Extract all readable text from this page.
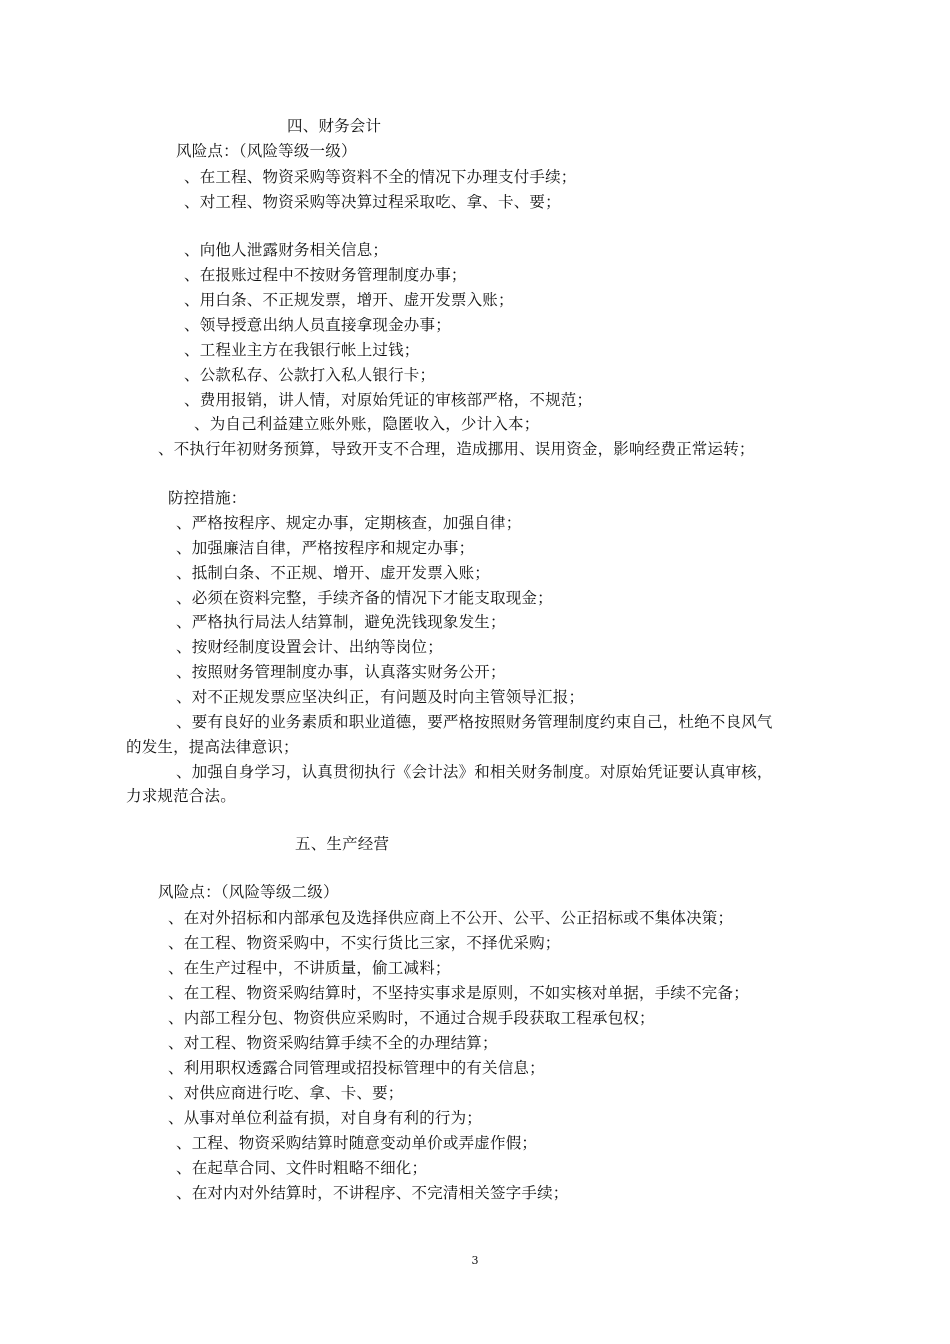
四、财务会计
风险点：（风险等级一级）
、在工程、物资采购等资料不全的情况下办理支付手续；
、对工程、物资采购等决算过程采取吃、拿、卡、要；
、向他人泄露财务相关信息；
、在报账过程中不按财务管理制度办事；
、用白条、不正规发票，增开、虚开发票入账；
、领导授意出纳人员直接拿现金办事；
、工程业主方在我银行帐上过钱；
、公款私存、公款打入私人银行卡；
、费用报销，讲人情，对原始凭证的审核部严格，不规范；
、为自己利益建立账外账，隐匿收入，少计入本；
、不执行年初财务预算，导致开支不合理，造成挪用、误用资金，影响经费正常运转；
防控措施：
、严格按程序、规定办事，定期核查，加强自律；
、加强廉洁自律，严格按程序和规定办事；
、抵制白条、不正规、增开、虚开发票入账；
、必须在资料完整，手续齐备的情况下才能支取现金；
、严格执行局法人结算制，避免洗钱现象发生；
、按财经制度设置会计、出纳等岗位；
、按照财务管理制度办事，认真落实财务公开；
、对不正规发票应坚决纠正，有问题及时向主管领导汇报；
、要有良好的业务素质和职业道德，要严格按照财务管理制度约束自己，杜绝不良风气
的发生，提高法律意识；
、加强自身学习，认真贯彻执行《会计法》和相关财务制度。对原始凭证要认真审核，
力求规范合法。
五、生产经营
风险点：（风险等级二级）
、在对外招标和内部承包及选择供应商上不公开、公平、公正招标或不集体决策；
、在工程、物资采购中，不实行货比三家，不择优采购；
、在生产过程中，不讲质量，偷工减料；
、在工程、物资采购结算时，不坚持实事求是原则，不如实核对单据，手续不完备；
、内部工程分包、物资供应采购时，不通过合规手段获取工程承包权；
、对工程、物资采购结算手续不全的办理结算；
、利用职权透露合同管理或招投标管理中的有关信息；
、对供应商进行吃、拿、卡、要；
、从事对单位利益有损，对自身有利的行为；
、工程、物资采购结算时随意变动单价或弄虚作假；
、在起草合同、文件时粗略不细化；
、在对内对外结算时，不讲程序、不完清相关签字手续；
3
